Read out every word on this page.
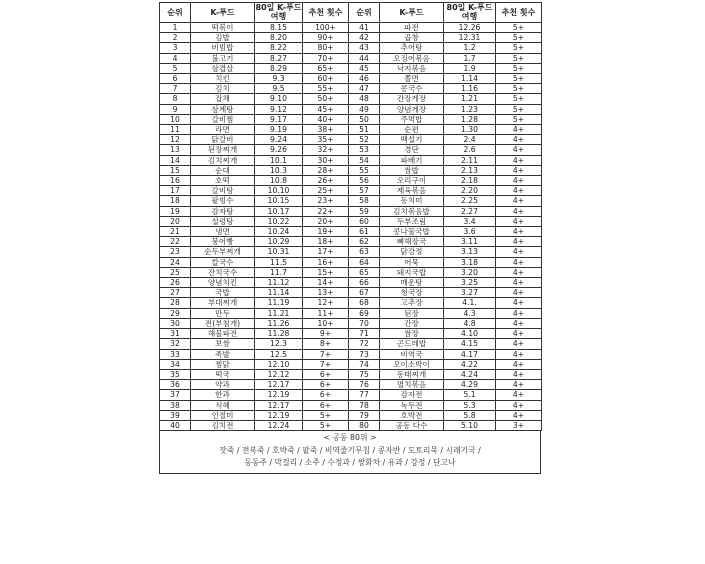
순위	K-푸드	80일 K-푸드 여행	추천 횟수	순위	K-푸드	80일 K-푸드 여행	추천 횟수
1	떡볶이	8.15	100+	41	파전	12.26	5+
2	김밥	8.20	90+	42	곱창	12.31	5+
3	비빔밥	8.22	80+	43	추어탕	1.2	5+
4	불고기	8.27	70+	44	오징어볶음	1.7	5+
5	삼겹살	8.29	65+	45	낙지볶음	1.9	5+
6	치킨	9.3	60+	46	쫄면	1.14	5+
7	김치	9.5	55+	47	콩국수	1.16	5+
8	잡채	9.10	50+	48	간장게장	1.21	5+
9	삼계탕	9.12	45+	49	양념게장	1.23	5+
10	갈비찜	9.17	40+	50	주먹밥	1.28	5+
11	라면	9.19	38+	51	순편	1.30	4+
12	닭갈비	9.24	35+	52	백설기	2.4	4+
13	된장찌개	9.26	32+	53	경단	2.6	4+
14	김치찌개	10.1	30+	54	파배기	2.11	4+
15	순대	10.3	28+	55	쌈밥	2.13	4+
16	호떡	10.8	26+	56	오리구이	2.18	4+
17	갈비탕	10.10	25+	57	제육볶음	2.20	4+
18	팥빙수	10.15	23+	58	동치미	2.25	4+
19	감자탕	10.17	22+	59	김치볶음밥	2.27	4+
20	설렁탕	10.22	20+	60	두부조림	3.4	4+
21	냉면	10.24	19+	61	콩나물국밥	3.6	4+
22	붕어빵	10.29	18+	62	뼈해장국	3.11	4+
23	순두부찌개	10.31	17+	63	닭강정	3.13	4+
24	칼국수	11.5	16+	64	어묵	3.18	4+
25	잔치국수	11.7	15+	65	돼지국밥	3.20	4+
26	양념치킨	11.12	14+	66	매운탕	3.25	4+
27	국밥	11.14	13+	67	청국장	3.27	4+
28	부대찌개	11.19	12+	68	고추장	4.1.	4+
29	만두	11.21	11+	69	된장	4.3	4+
30	전(부침개)	11.26	10+	70	간장	4.8	4+
31	해물파전	11.28	9+	71	쌈장	4.10	4+
32	보쌈	12.3	8+	72	곤드레밥	4.15	4+
33	족발	12.5	7+	73	비역국	4.17	4+
34	찜닭	12.10	7+	74	오이소박이	4.22	4+
35	떡국	12.12	6+	75	동태찌개	4.24	4+
36	약과	12.17	6+	76	멸치볶음	4.29	4+
37	한과	12.19	6+	77	감자전	5.1	4+
38	식혜	12.17	6+	78	녹두전	5.3	4+
39	인절미	12.19	5+	79	호박전	5.8	4+
40	김치전	12.24	5+	80	공동 다수	5.10	3+
< 공동 80위 >
잣죽 / 전복죽 / 호박죽 / 팥죽 / 비역줄기무침 / 콩자반 / 도토리묵 / 시래기국 /
동동주 / 막걸리 / 소주 / 수정과 / 쌍화차 / 유과 / 강정 / 단고나
